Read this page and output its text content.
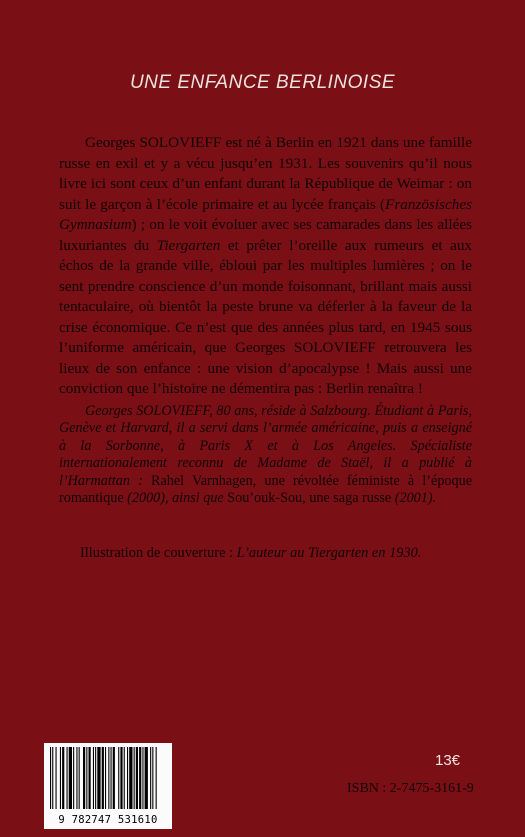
UNE ENFANCE BERLINOISE

Georges SOLOVIEFF est né à Berlin en 1921 dans une famille russe en exil et y a vécu jusqu’en 1931. Les souvenirs qu’il nous livre ici sont ceux d’un enfant durant la République de Weimar : on suit le garçon à l’école primaire et au lycée français (Französisches Gymnasium) ; on le voit évoluer avec ses camarades dans les allées luxuriantes du Tiergarten et prêter l’oreille aux rumeurs et aux échos de la grande ville, ébloui par les multiples lumières ; on le sent prendre conscience d’un monde foisonnant, brillant mais aussi tentaculaire, où bientôt la peste brune va déferler à la faveur de la crise économique. Ce n’est que des années plus tard, en 1945 sous l’uniforme américain, que Georges SOLOVIEFF retrouvera les lieux de son enfance : une vision d’apocalypse ! Mais aussi une conviction que l’histoire ne démentira pas : Berlin renaîtra !

Georges SOLOVIEFF, 80 ans, réside à Salzbourg. Étudiant à Paris, Genève et Harvard, il a servi dans l’armée américaine, puis a enseigné à la Sorbonne, à Paris X et à Los Angeles. Spécialiste internationalement reconnu de Madame de Staël, il a publié à l’Harmattan : Rahel Varnhagen, une révoltée féministe à l’époque romantique (2000), ainsi que Sou’ouk-Sou, une saga russe (2001).

Illustration de couverture : L’auteur au Tiergarten en 1930.

9 782747 531610
13€
ISBN : 2-7475-3161-9
